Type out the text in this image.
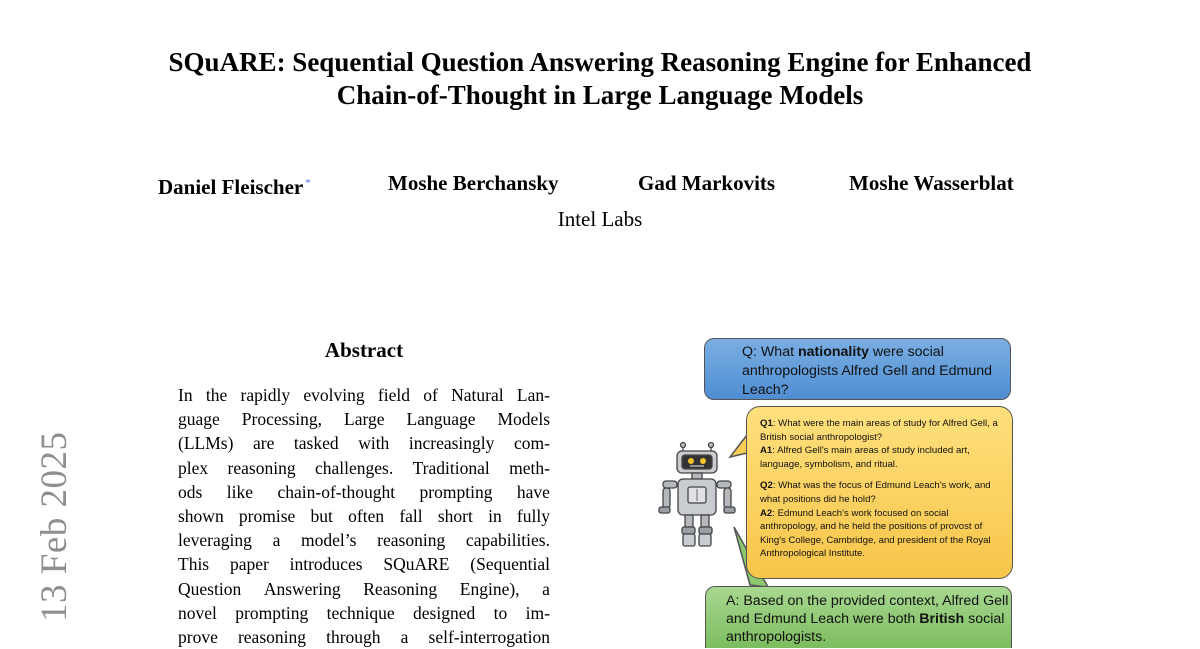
SQuARE: Sequential Question Answering Reasoning Engine for Enhanced
Chain-of-Thought in Large Language Models
Daniel Fleischer *	Moshe Berchansky	Gad Markovits	Moshe Wasserblat
Intel Labs
13 Feb 2025
Abstract
In the rapidly evolving field of Natural Lan-
guage Processing, Large Language Models
(LLMs) are tasked with increasingly com-
plex reasoning challenges. Traditional meth-
ods like chain-of-thought prompting have
shown promise but often fall short in fully
leveraging a model’s reasoning capabilities.
This paper introduces SQuARE (Sequential
Question Answering Reasoning Engine), a
novel prompting technique designed to im-
prove reasoning through a self-interrogation
Q: What nationality were social anthropologists Alfred Gell and Edmund Leach?

Q1: What were the main areas of study for Alfred Gell, a British social anthropologist?
A1: Alfred Gell's main areas of study included art, language, symbolism, and ritual.

Q2: What was the focus of Edmund Leach's work, and what positions did he hold?
A2: Edmund Leach's work focused on social anthropology, and he held the positions of provost of King's College, Cambridge, and president of the Royal Anthropological Institute.

A: Based on the provided context, Alfred Gell and Edmund Leach were both British social anthropologists.
